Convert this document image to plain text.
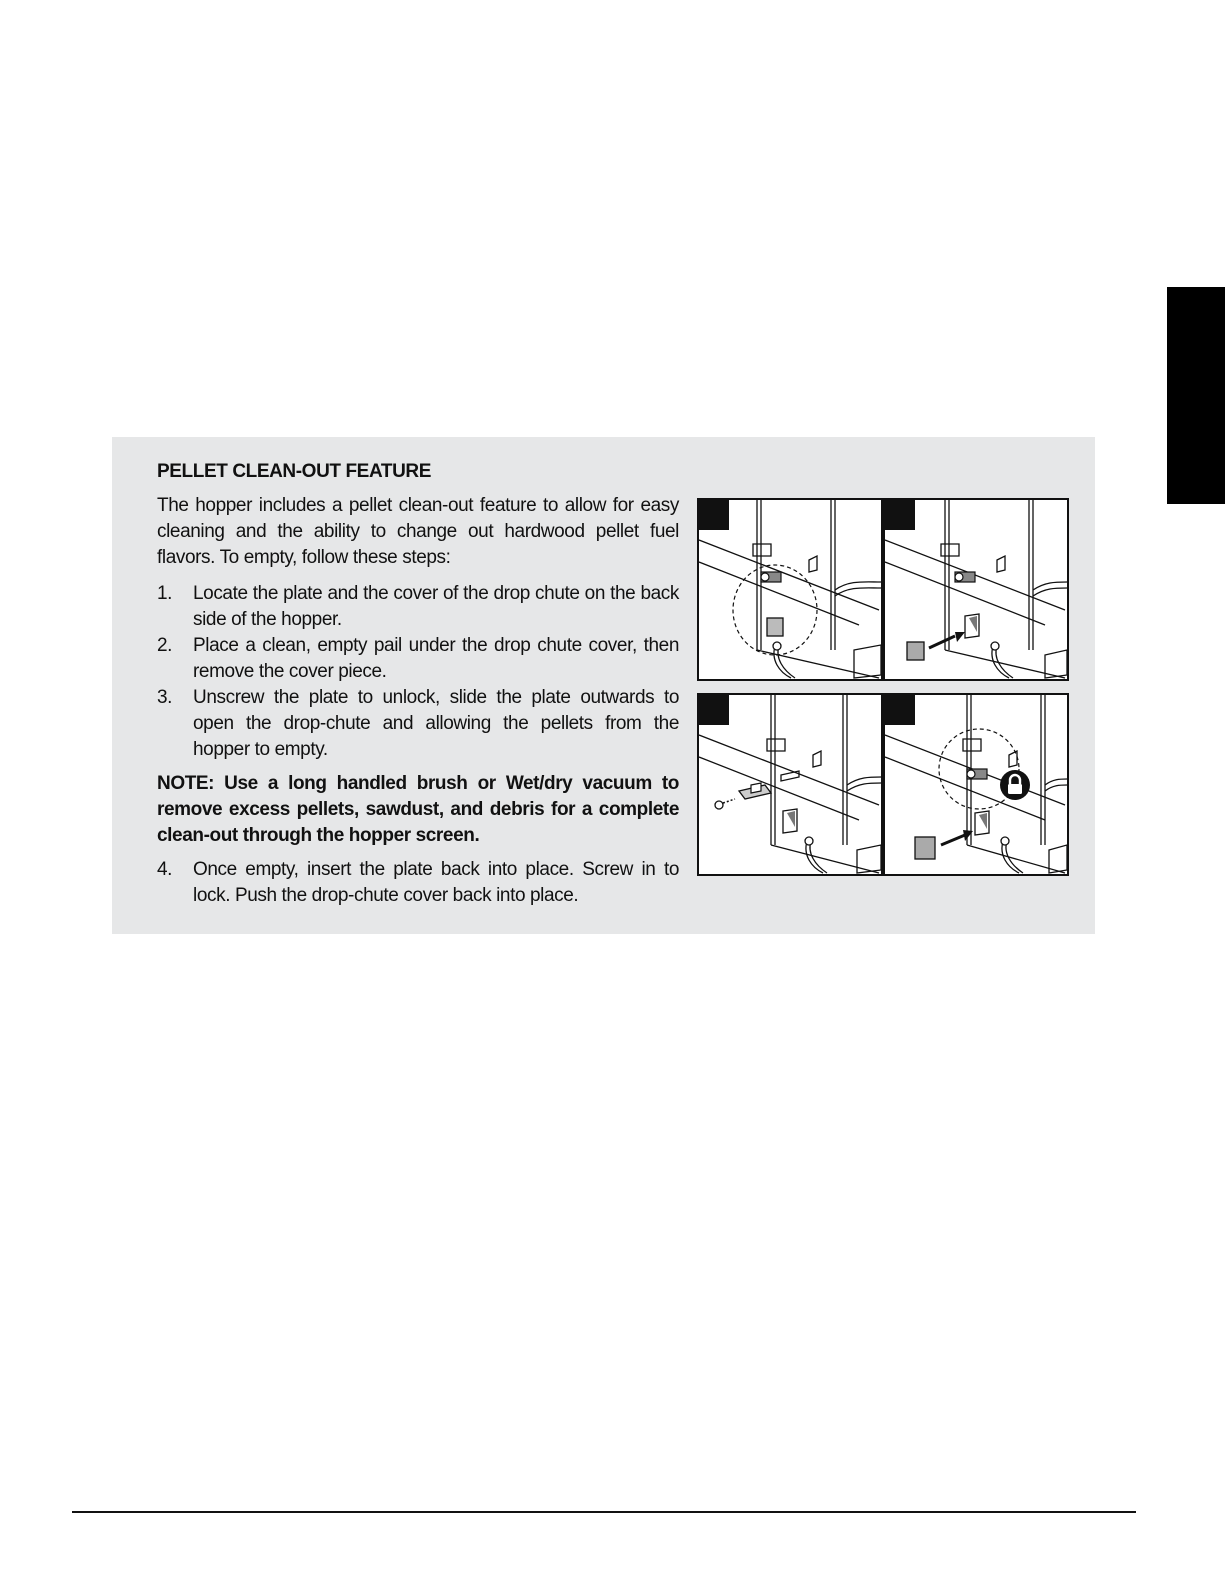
PELLET CLEAN-OUT FEATURE

The hopper includes a pellet clean-out feature to allow for easy cleaning and the ability to change out hardwood pellet fuel flavors. To empty, follow these steps:

1.	Locate the plate and the cover of the drop chute on the back side of the hopper.
2.	Place a clean, empty pail under the drop chute cover, then remove the cover piece.
3.	Unscrew the plate to unlock, slide the plate outwards to open the drop-chute and allowing the pellets from the hopper to empty.

NOTE: Use a long handled brush or Wet/dry vacuum to remove excess pellets, sawdust, and debris for a complete clean-out through the hopper screen.

4.	Once empty, insert the plate back into place. Screw in to lock. Push the drop-chute cover back into place.
